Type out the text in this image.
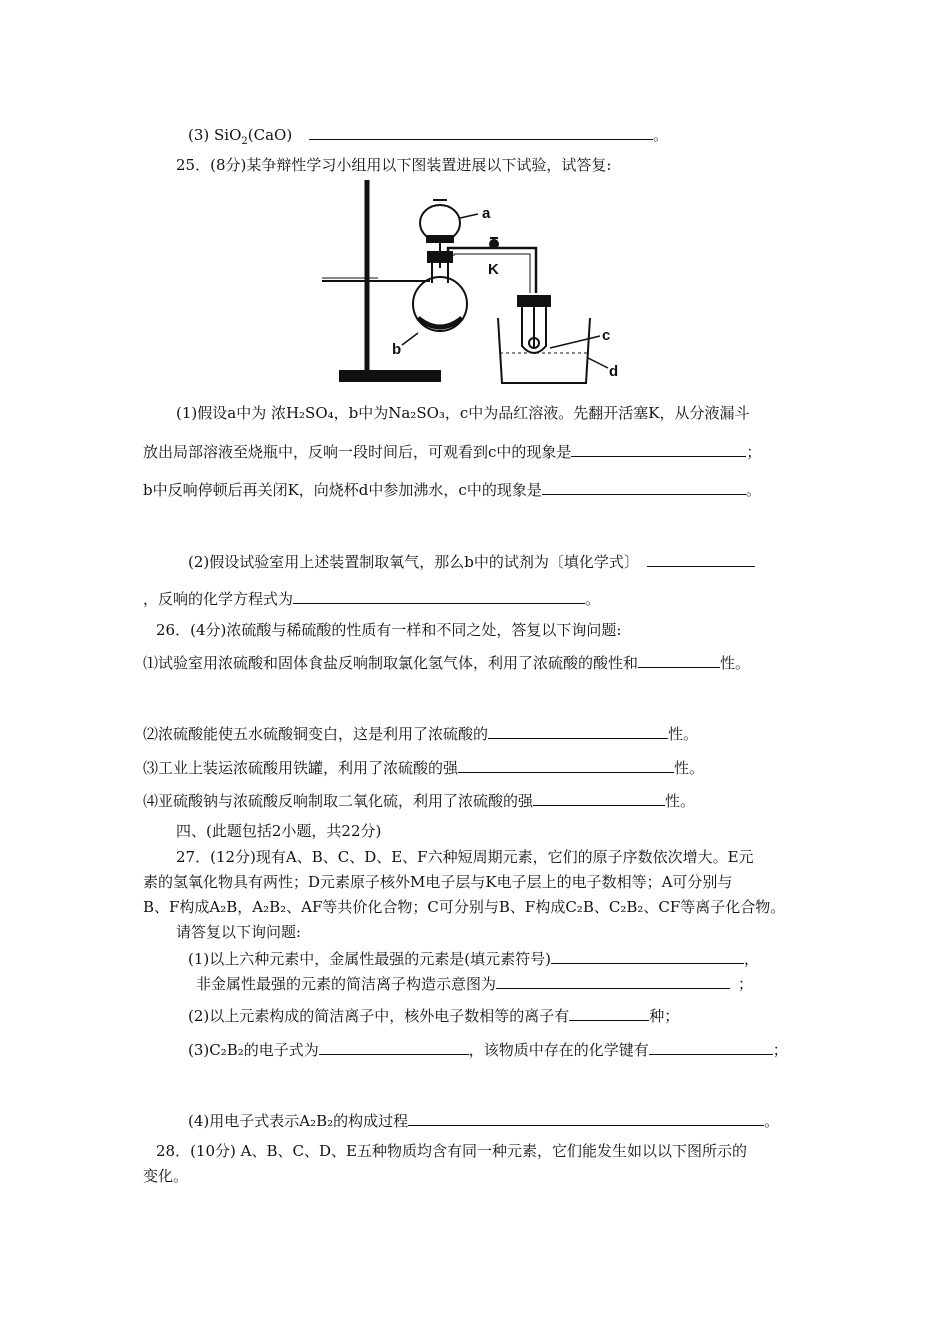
(3) SiO$_2$(CaO)	。
25．(8分)某争辩性学习小组用以下图装置进展以下试验，试答复:
a
K
b
c
d
(1)假设a中为 浓H₂SO₄，b中为Na₂SO₃，c中为品红溶液。先翻开活塞K，从分液漏斗
放出局部溶液至烧瓶中，反响一段时间后，可观看到c中的现象是	；
b中反响停顿后再关闭K，向烧杯d中参加沸水，c中的现象是	。
(2)假设试验室用上述装置制取氧气，那么b中的试剂为〔填化学式〕
，反响的化学方程式为	。
26．(4分)浓硫酸与稀硫酸的性质有一样和不同之处，答复以下询问题:
⑴试验室用浓硫酸和固体食盐反响制取氯化氢气体，利用了浓硫酸的酸性和	性。
⑵浓硫酸能使五水硫酸铜变白，这是利用了浓硫酸的	性。
⑶工业上装运浓硫酸用铁罐，利用了浓硫酸的强	性。
⑷亚硫酸钠与浓硫酸反响制取二氧化硫，利用了浓硫酸的强	性。
四、(此题包括2小题，共22分)
27．(12分)现有A、B、C、D、E、F六种短周期元素，它们的原子序数依次增大。E元
素的氢氧化物具有两性；D元素原子核外M电子层与K电子层上的电子数相等；A可分别与
B、F构成A₂B，A₂B₂、AF等共价化合物；C可分别与B、F构成C₂B、C₂B₂、CF等离子化合物。
请答复以下询问题:
(1)以上六种元素中，金属性最强的元素是(填元素符号)	，
非金属性最强的元素的简洁离子构造示意图为	；
(2)以上元素构成的简洁离子中，核外电子数相等的离子有	种；
(3)C₂B₂的电子式为	，该物质中存在的化学键有	；
(4)用电子式表示A₂B₂的构成过程	。
28．(10分) A、B、C、D、E五种物质均含有同一种元素，它们能发生如以以下图所示的
变化。
